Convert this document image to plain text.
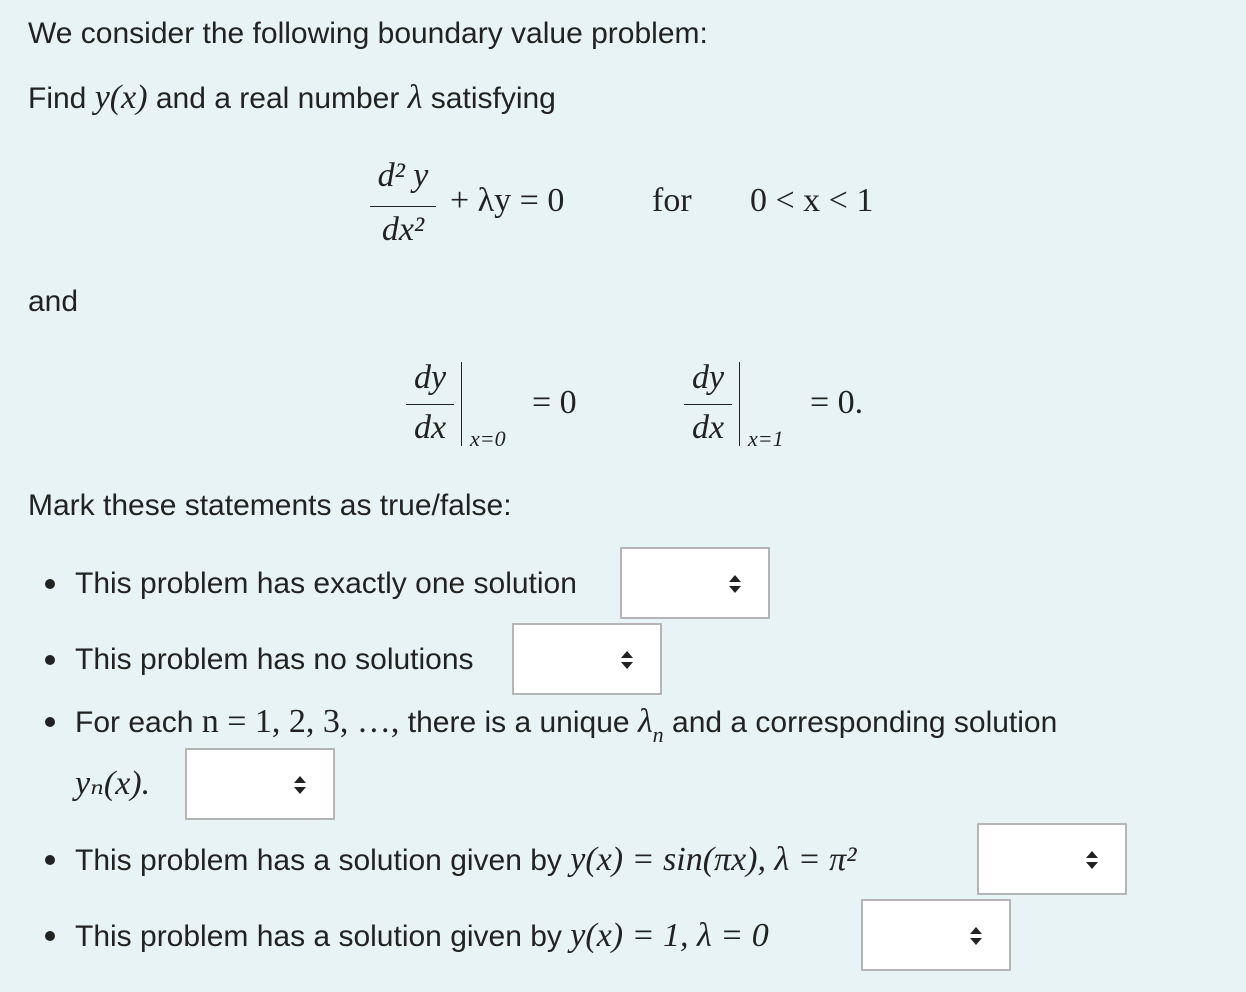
We consider the following boundary value problem:
Find y(x) and a real number λ satisfying
d² y
dx²
+ λy = 0	for 0 < x < 1
and
dy
dx	x=0
= 0
dy
dx	x=1
= 0.
Mark these statements as true/false:
This problem has exactly one solution
This problem has no solutions
For each n = 1, 2, 3, …, there is a unique $\lambda_n$ and a corresponding solution
yₙ(x).
This problem has a solution given by y(x) = sin(πx), λ = π²
This problem has a solution given by y(x) = 1, λ = 0
